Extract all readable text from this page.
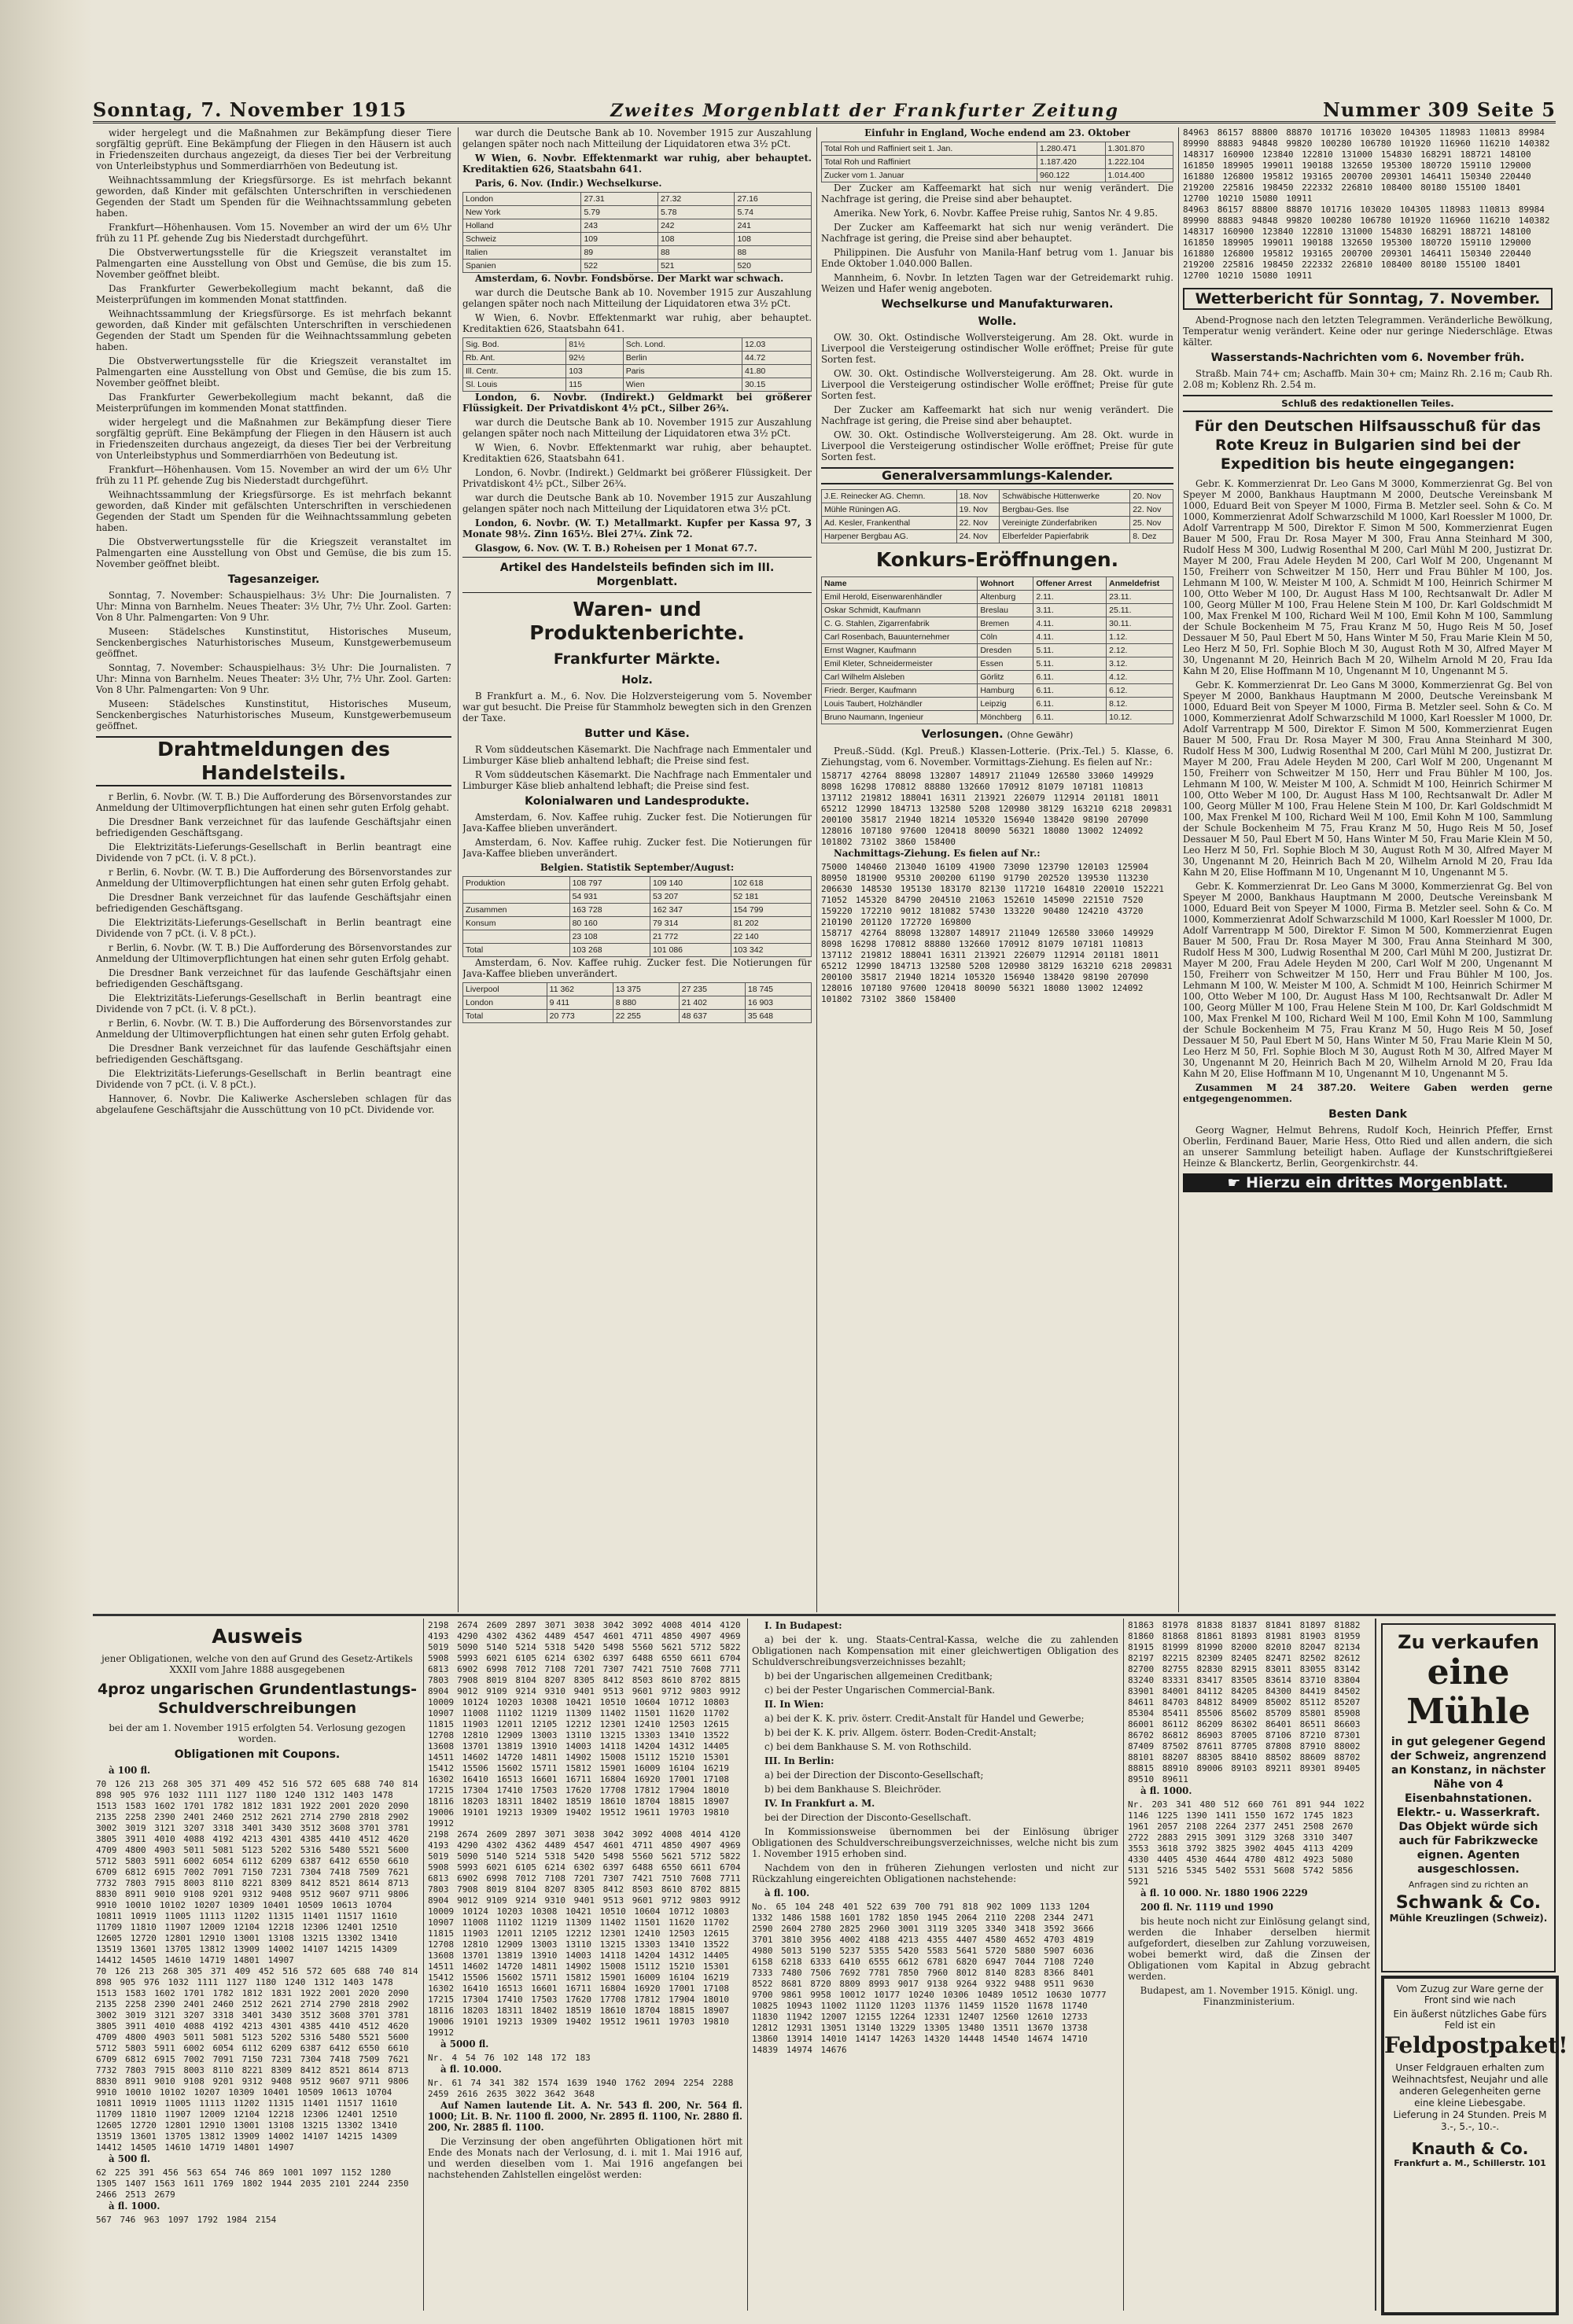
Sonntag, 7. November 1915	Zweites Morgenblatt der Frankfurter Zeitung	Nummer 309 Seite 5

wider hergelegt und die Maßnahmen zur Bekämpfung dieser Tiere sorgfältig geprüft. Eine Bekämpfung der Fliegen in den Häusern ist auch in Friedenszeiten durchaus angezeigt, da dieses Tier bei der Verbreitung von Unterleibstyphus und Sommerdiarrhöen von Bedeutung ist.

Weihnachtssammlung der Kriegsfürsorge. Es ist mehrfach bekannt geworden, daß Kinder mit gefälschten Unterschriften in verschiedenen Gegenden der Stadt um Spenden für die Weihnachtssammlung gebeten haben.

Frankfurt—Höhenhausen. Vom 15. November an wird der um 6½ Uhr früh zu 11 Pf. gehende Zug bis Niederstadt durchgeführt.

Die Obstverwertungsstelle für die Kriegszeit veranstaltet im Palmengarten eine Ausstellung von Obst und Gemüse, die bis zum 15. November geöffnet bleibt.

Das Frankfurter Gewerbekollegium macht bekannt, daß die Meisterprüfungen im kommenden Monat stattfinden.

Weihnachtssammlung der Kriegsfürsorge. Es ist mehrfach bekannt geworden, daß Kinder mit gefälschten Unterschriften in verschiedenen Gegenden der Stadt um Spenden für die Weihnachtssammlung gebeten haben.

Die Obstverwertungsstelle für die Kriegszeit veranstaltet im Palmengarten eine Ausstellung von Obst und Gemüse, die bis zum 15. November geöffnet bleibt.

Das Frankfurter Gewerbekollegium macht bekannt, daß die Meisterprüfungen im kommenden Monat stattfinden.

wider hergelegt und die Maßnahmen zur Bekämpfung dieser Tiere sorgfältig geprüft. Eine Bekämpfung der Fliegen in den Häusern ist auch in Friedenszeiten durchaus angezeigt, da dieses Tier bei der Verbreitung von Unterleibstyphus und Sommerdiarrhöen von Bedeutung ist.

Frankfurt—Höhenhausen. Vom 15. November an wird der um 6½ Uhr früh zu 11 Pf. gehende Zug bis Niederstadt durchgeführt.

Weihnachtssammlung der Kriegsfürsorge. Es ist mehrfach bekannt geworden, daß Kinder mit gefälschten Unterschriften in verschiedenen Gegenden der Stadt um Spenden für die Weihnachtssammlung gebeten haben.

Die Obstverwertungsstelle für die Kriegszeit veranstaltet im Palmengarten eine Ausstellung von Obst und Gemüse, die bis zum 15. November geöffnet bleibt.

Tagesanzeiger.

Sonntag, 7. November: Schauspielhaus: 3½ Uhr: Die Journalisten. 7 Uhr: Minna von Barnhelm. Neues Theater: 3½ Uhr, 7½ Uhr. Zool. Garten: Von 8 Uhr. Palmengarten: Von 9 Uhr.

Museen: Städelsches Kunstinstitut, Historisches Museum, Senckenbergisches Naturhistorisches Museum, Kunstgewerbemuseum geöffnet.

Sonntag, 7. November: Schauspielhaus: 3½ Uhr: Die Journalisten. 7 Uhr: Minna von Barnhelm. Neues Theater: 3½ Uhr, 7½ Uhr. Zool. Garten: Von 8 Uhr. Palmengarten: Von 9 Uhr.

Museen: Städelsches Kunstinstitut, Historisches Museum, Senckenbergisches Naturhistorisches Museum, Kunstgewerbemuseum geöffnet.

Drahtmeldungen des Handelsteils.

r Berlin, 6. Novbr. (W. T. B.) Die Aufforderung des Börsenvorstandes zur Anmeldung der Ultimoverpflichtungen hat einen sehr guten Erfolg gehabt.

Die Dresdner Bank verzeichnet für das laufende Geschäftsjahr einen befriedigenden Geschäftsgang.

Die Elektrizitäts-Lieferungs-Gesellschaft in Berlin beantragt eine Dividende von 7 pCt. (i. V. 8 pCt.).

r Berlin, 6. Novbr. (W. T. B.) Die Aufforderung des Börsenvorstandes zur Anmeldung der Ultimoverpflichtungen hat einen sehr guten Erfolg gehabt.

Die Dresdner Bank verzeichnet für das laufende Geschäftsjahr einen befriedigenden Geschäftsgang.

Die Elektrizitäts-Lieferungs-Gesellschaft in Berlin beantragt eine Dividende von 7 pCt. (i. V. 8 pCt.).

r Berlin, 6. Novbr. (W. T. B.) Die Aufforderung des Börsenvorstandes zur Anmeldung der Ultimoverpflichtungen hat einen sehr guten Erfolg gehabt.

Die Dresdner Bank verzeichnet für das laufende Geschäftsjahr einen befriedigenden Geschäftsgang.

Die Elektrizitäts-Lieferungs-Gesellschaft in Berlin beantragt eine Dividende von 7 pCt. (i. V. 8 pCt.).

r Berlin, 6. Novbr. (W. T. B.) Die Aufforderung des Börsenvorstandes zur Anmeldung der Ultimoverpflichtungen hat einen sehr guten Erfolg gehabt.

Die Dresdner Bank verzeichnet für das laufende Geschäftsjahr einen befriedigenden Geschäftsgang.

Die Elektrizitäts-Lieferungs-Gesellschaft in Berlin beantragt eine Dividende von 7 pCt. (i. V. 8 pCt.).

Hannover, 6. Novbr. Die Kaliwerke Aschersleben schlagen für das abgelaufene Geschäftsjahr die Ausschüttung von 10 pCt. Dividende vor.

war durch die Deutsche Bank ab 10. November 1915 zur Auszahlung gelangen später noch nach Mitteilung der Liquidatoren etwa 3½ pCt.

W Wien, 6. Novbr. Effektenmarkt war ruhig, aber behauptet. Kreditaktien 626, Staatsbahn 641.

Paris, 6. Nov. (Indir.) Wechselkurse.

London	27.31	27.32	27.16
New York	5.79	5.78	5.74
Holland	243	242	241
Schweiz	109	108	108
Italien	89	88	88
Spanien	522	521	520

Amsterdam, 6. Novbr. Fondsbörse. Der Markt war schwach.

war durch die Deutsche Bank ab 10. November 1915 zur Auszahlung gelangen später noch nach Mitteilung der Liquidatoren etwa 3½ pCt.

W Wien, 6. Novbr. Effektenmarkt war ruhig, aber behauptet. Kreditaktien 626, Staatsbahn 641.

Sig. Bod.	81½	Sch. Lond.	12.03
Rb. Ant.	92½	Berlin	44.72
Ill. Centr.	103	Paris	41.80
Sl. Louis	115	Wien	30.15

London, 6. Novbr. (Indirekt.) Geldmarkt bei größerer Flüssigkeit. Der Privatdiskont 4½ pCt., Silber 26¾.

war durch die Deutsche Bank ab 10. November 1915 zur Auszahlung gelangen später noch nach Mitteilung der Liquidatoren etwa 3½ pCt.

W Wien, 6. Novbr. Effektenmarkt war ruhig, aber behauptet. Kreditaktien 626, Staatsbahn 641.

London, 6. Novbr. (Indirekt.) Geldmarkt bei größerer Flüssigkeit. Der Privatdiskont 4½ pCt., Silber 26¾.

war durch die Deutsche Bank ab 10. November 1915 zur Auszahlung gelangen später noch nach Mitteilung der Liquidatoren etwa 3½ pCt.

London, 6. Novbr. (W. T.) Metallmarkt. Kupfer per Kassa 97, 3 Monate 98½. Zinn 165½. Blei 27¼. Zink 72.

Glasgow, 6. Nov. (W. T. B.) Roheisen per 1 Monat 67.7.

Artikel des Handelsteils befinden sich im III. Morgenblatt.
Waren- und Produktenberichte.
Frankfurter Märkte.
Holz.

B Frankfurt a. M., 6. Nov. Die Holzversteigerung vom 5. November war gut besucht. Die Preise für Stammholz bewegten sich in den Grenzen der Taxe.

Butter und Käse.

R Vom süddeutschen Käsemarkt. Die Nachfrage nach Emmentaler und Limburger Käse blieb anhaltend lebhaft; die Preise sind fest.

R Vom süddeutschen Käsemarkt. Die Nachfrage nach Emmentaler und Limburger Käse blieb anhaltend lebhaft; die Preise sind fest.

Kolonialwaren und Landesprodukte.

Amsterdam, 6. Nov. Kaffee ruhig. Zucker fest. Die Notierungen für Java-Kaffee blieben unverändert.

Amsterdam, 6. Nov. Kaffee ruhig. Zucker fest. Die Notierungen für Java-Kaffee blieben unverändert.

Belgien. Statistik September/August:

Produktion	108 797	109 140	102 618
	54 931	53 207	52 181
Zusammen	163 728	162 347	154 799
Konsum	80 160	79 314	81 202
	23 108	21 772	22 140
Total	103 268	101 086	103 342

Amsterdam, 6. Nov. Kaffee ruhig. Zucker fest. Die Notierungen für Java-Kaffee blieben unverändert.

Liverpool	11 362	13 375	27 235	18 745
London	9 411	8 880	21 402	16 903
Total	20 773	22 255	48 637	35 648

Einfuhr in England, Woche endend am 23. Oktober

Total Roh und Raffiniert seit 1. Jan.	1.280.471	1.301.870
Total Roh und Raffiniert	1.187.420	1.222.104
Zucker vom 1. Januar	960.122	1.014.400

Der Zucker am Kaffeemarkt hat sich nur wenig verändert. Die Nachfrage ist gering, die Preise sind aber behauptet.

Amerika. New York, 6. Novbr. Kaffee Preise ruhig, Santos Nr. 4 9.85.

Der Zucker am Kaffeemarkt hat sich nur wenig verändert. Die Nachfrage ist gering, die Preise sind aber behauptet.

Philippinen. Die Ausfuhr von Manila-Hanf betrug vom 1. Januar bis Ende Oktober 1.040.000 Ballen.

Mannheim, 6. Novbr. In letzten Tagen war der Getreidemarkt ruhig. Weizen und Hafer wenig angeboten.

Wechselkurse und Manufakturwaren.
Wolle.

OW. 30. Okt. Ostindische Wollversteigerung. Am 28. Okt. wurde in Liverpool die Versteigerung ostindischer Wolle eröffnet; Preise für gute Sorten fest.

OW. 30. Okt. Ostindische Wollversteigerung. Am 28. Okt. wurde in Liverpool die Versteigerung ostindischer Wolle eröffnet; Preise für gute Sorten fest.

Der Zucker am Kaffeemarkt hat sich nur wenig verändert. Die Nachfrage ist gering, die Preise sind aber behauptet.

OW. 30. Okt. Ostindische Wollversteigerung. Am 28. Okt. wurde in Liverpool die Versteigerung ostindischer Wolle eröffnet; Preise für gute Sorten fest.

Generalversammlungs-Kalender.
J.E. Reinecker AG. Chemn.	18. Nov	Schwäbische Hüttenwerke	20. Nov
Mühle Rüningen AG.	19. Nov	Bergbau-Ges. Ilse	22. Nov
Ad. Kesler, Frankenthal	22. Nov	Vereinigte Zünderfabriken	25. Nov
Harpener Bergbau AG.	24. Nov	Elberfelder Papierfabrik	8. Dez
Konkurs-Eröffnungen.
Name	Wohnort	Offener Arrest	Anmeldefrist
Emil Herold, Eisenwarenhändler	Altenburg	2.11.	23.11.
Oskar Schmidt, Kaufmann	Breslau	3.11.	25.11.
C. G. Stahlen, Zigarrenfabrik	Bremen	4.11.	30.11.
Carl Rosenbach, Bauunternehmer	Cöln	4.11.	1.12.
Ernst Wagner, Kaufmann	Dresden	5.11.	2.12.
Emil Kleter, Schneidermeister	Essen	5.11.	3.12.
Carl Wilhelm Alsleben	Görlitz	6.11.	4.12.
Friedr. Berger, Kaufmann	Hamburg	6.11.	6.12.
Louis Taubert, Holzhändler	Leipzig	6.11.	8.12.
Bruno Naumann, Ingenieur	Mönchberg	6.11.	10.12.
Verlosungen. (Ohne Gewähr)

Preuß.-Südd. (Kgl. Preuß.) Klassen-Lotterie. (Prix.-Tel.) 5. Klasse, 6. Ziehungstag, vom 6. November. Vormittags-Ziehung. Es fielen auf Nr.:

158717 42764 88098 132807 148917 211049 126580 33060 149929 8098 16298 170812 88880 132660 170912 81079 107181 110813 137112 219812 188041 16311 213921 226079 112914 201181 18011 65212 12990 184713 132580 5208 120980 38129 163210 6218 209831 200100 35817 21940 18214 105320 156940 138420 98190 207090 128016 107180 97600 120418 80090 56321 18080 13002 124092 101802 73102 3860 158400

Nachmittags-Ziehung. Es fielen auf Nr.:

75000 140460 213040 16109 41900 73090 123790 120103 125904 80950 181900 95310 200200 61190 91790 202520 139530 113230 206630 148530 195130 183170 82130 117210 164810 220010 152221 71052 145320 84790 204510 21063 152610 145090 221510 7520 159220 172210 9012 181082 57430 133220 90480 124210 43720 210190 201120 172720 169800
158717 42764 88098 132807 148917 211049 126580 33060 149929 8098 16298 170812 88880 132660 170912 81079 107181 110813 137112 219812 188041 16311 213921 226079 112914 201181 18011 65212 12990 184713 132580 5208 120980 38129 163210 6218 209831 200100 35817 21940 18214 105320 156940 138420 98190 207090 128016 107180 97600 120418 80090 56321 18080 13002 124092 101802 73102 3860 158400
84963 86157 88800 88870 101716 103020 104305 118983 110813 89984 89990 88883 94848 99820 100280 106780 101920 116960 116210 140382 148317 160900 123840 122810 131000 154830 168291 188721 148100 161850 189905 199011 190188 132650 195300 180720 159110 129000 161880 126800 195812 193165 200700 209301 146411 150340 220440 219200 225816 198450 222332 226810 108400 80180 155100 18401 12700 10210 15080 10911
84963 86157 88800 88870 101716 103020 104305 118983 110813 89984 89990 88883 94848 99820 100280 106780 101920 116960 116210 140382 148317 160900 123840 122810 131000 154830 168291 188721 148100 161850 189905 199011 190188 132650 195300 180720 159110 129000 161880 126800 195812 193165 200700 209301 146411 150340 220440 219200 225816 198450 222332 226810 108400 80180 155100 18401 12700 10210 15080 10911
Wetterbericht für Sonntag, 7. November.

Abend-Prognose nach den letzten Telegrammen. Veränderliche Bewölkung, Temperatur wenig verändert. Keine oder nur geringe Niederschläge. Etwas kälter.

Wasserstands-Nachrichten vom 6. November früh.

Straßb. Main 74+ cm; Aschaffb. Main 30+ cm; Mainz Rh. 2.16 m; Caub Rh. 2.08 m; Koblenz Rh. 2.54 m.

Schluß des redaktionellen Teiles.
Für den Deutschen Hilfsausschuß für das Rote Kreuz in Bulgarien sind bei der Expedition bis heute eingegangen:

Gebr. K. Kommerzienrat Dr. Leo Gans M 3000, Kommerzienrat Gg. Bel von Speyer M 2000, Bankhaus Hauptmann M 2000, Deutsche Vereinsbank M 1000, Eduard Beit von Speyer M 1000, Firma B. Metzler seel. Sohn & Co. M 1000, Kommerzienrat Adolf Schwarzschild M 1000, Karl Roessler M 1000, Dr. Adolf Varrentrapp M 500, Direktor F. Simon M 500, Kommerzienrat Eugen Bauer M 500, Frau Dr. Rosa Mayer M 300, Frau Anna Steinhard M 300, Rudolf Hess M 300, Ludwig Rosenthal M 200, Carl Mühl M 200, Justizrat Dr. Mayer M 200, Frau Adele Heyden M 200, Carl Wolf M 200, Ungenannt M 150, Freiherr von Schweitzer M 150, Herr und Frau Bühler M 100, Jos. Lehmann M 100, W. Meister M 100, A. Schmidt M 100, Heinrich Schirmer M 100, Otto Weber M 100, Dr. August Hass M 100, Rechtsanwalt Dr. Adler M 100, Georg Müller M 100, Frau Helene Stein M 100, Dr. Karl Goldschmidt M 100, Max Frenkel M 100, Richard Weil M 100, Emil Kohn M 100, Sammlung der Schule Bockenheim M 75, Frau Kranz M 50, Hugo Reis M 50, Josef Dessauer M 50, Paul Ebert M 50, Hans Winter M 50, Frau Marie Klein M 50, Leo Herz M 50, Frl. Sophie Bloch M 30, August Roth M 30, Alfred Mayer M 30, Ungenannt M 20, Heinrich Bach M 20, Wilhelm Arnold M 20, Frau Ida Kahn M 20, Elise Hoffmann M 10, Ungenannt M 10, Ungenannt M 5.

Gebr. K. Kommerzienrat Dr. Leo Gans M 3000, Kommerzienrat Gg. Bel von Speyer M 2000, Bankhaus Hauptmann M 2000, Deutsche Vereinsbank M 1000, Eduard Beit von Speyer M 1000, Firma B. Metzler seel. Sohn & Co. M 1000, Kommerzienrat Adolf Schwarzschild M 1000, Karl Roessler M 1000, Dr. Adolf Varrentrapp M 500, Direktor F. Simon M 500, Kommerzienrat Eugen Bauer M 500, Frau Dr. Rosa Mayer M 300, Frau Anna Steinhard M 300, Rudolf Hess M 300, Ludwig Rosenthal M 200, Carl Mühl M 200, Justizrat Dr. Mayer M 200, Frau Adele Heyden M 200, Carl Wolf M 200, Ungenannt M 150, Freiherr von Schweitzer M 150, Herr und Frau Bühler M 100, Jos. Lehmann M 100, W. Meister M 100, A. Schmidt M 100, Heinrich Schirmer M 100, Otto Weber M 100, Dr. August Hass M 100, Rechtsanwalt Dr. Adler M 100, Georg Müller M 100, Frau Helene Stein M 100, Dr. Karl Goldschmidt M 100, Max Frenkel M 100, Richard Weil M 100, Emil Kohn M 100, Sammlung der Schule Bockenheim M 75, Frau Kranz M 50, Hugo Reis M 50, Josef Dessauer M 50, Paul Ebert M 50, Hans Winter M 50, Frau Marie Klein M 50, Leo Herz M 50, Frl. Sophie Bloch M 30, August Roth M 30, Alfred Mayer M 30, Ungenannt M 20, Heinrich Bach M 20, Wilhelm Arnold M 20, Frau Ida Kahn M 20, Elise Hoffmann M 10, Ungenannt M 10, Ungenannt M 5.

Gebr. K. Kommerzienrat Dr. Leo Gans M 3000, Kommerzienrat Gg. Bel von Speyer M 2000, Bankhaus Hauptmann M 2000, Deutsche Vereinsbank M 1000, Eduard Beit von Speyer M 1000, Firma B. Metzler seel. Sohn & Co. M 1000, Kommerzienrat Adolf Schwarzschild M 1000, Karl Roessler M 1000, Dr. Adolf Varrentrapp M 500, Direktor F. Simon M 500, Kommerzienrat Eugen Bauer M 500, Frau Dr. Rosa Mayer M 300, Frau Anna Steinhard M 300, Rudolf Hess M 300, Ludwig Rosenthal M 200, Carl Mühl M 200, Justizrat Dr. Mayer M 200, Frau Adele Heyden M 200, Carl Wolf M 200, Ungenannt M 150, Freiherr von Schweitzer M 150, Herr und Frau Bühler M 100, Jos. Lehmann M 100, W. Meister M 100, A. Schmidt M 100, Heinrich Schirmer M 100, Otto Weber M 100, Dr. August Hass M 100, Rechtsanwalt Dr. Adler M 100, Georg Müller M 100, Frau Helene Stein M 100, Dr. Karl Goldschmidt M 100, Max Frenkel M 100, Richard Weil M 100, Emil Kohn M 100, Sammlung der Schule Bockenheim M 75, Frau Kranz M 50, Hugo Reis M 50, Josef Dessauer M 50, Paul Ebert M 50, Hans Winter M 50, Frau Marie Klein M 50, Leo Herz M 50, Frl. Sophie Bloch M 30, August Roth M 30, Alfred Mayer M 30, Ungenannt M 20, Heinrich Bach M 20, Wilhelm Arnold M 20, Frau Ida Kahn M 20, Elise Hoffmann M 10, Ungenannt M 10, Ungenannt M 5.

Zusammen M 24 387.20. Weitere Gaben werden gerne entgegengenommen.

Besten Dank

Georg Wagner, Helmut Behrens, Rudolf Koch, Heinrich Pfeffer, Ernst Oberlin, Ferdinand Bauer, Marie Hess, Otto Ried und allen andern, die sich an unserer Sammlung beteiligt haben. Auflage der Kunstschriftgießerei Heinze & Blanckertz, Berlin, Georgenkirchstr. 44.

☛ Hierzu ein drittes Morgenblatt.
Ausweis

jener Obligationen, welche von den auf Grund des Gesetz-Artikels XXXII vom Jahre 1888 ausgegebenen

4proz ungarischen Grundentlastungs-Schuldverschreibungen

bei der am 1. November 1915 erfolgten 54. Verlosung gezogen worden.

Obligationen mit Coupons.

à 100 fl.

70 126 213 268 305 371 409 452 516 572 605 688 740 814 898 905 976 1032 1111 1127 1180 1240 1312 1403 1478 1513 1583 1602 1701 1782 1812 1831 1922 2001 2020 2090 2135 2258 2390 2401 2460 2512 2621 2714 2790 2818 2902 3002 3019 3121 3207 3318 3401 3430 3512 3608 3701 3781 3805 3911 4010 4088 4192 4213 4301 4385 4410 4512 4620 4709 4800 4903 5011 5081 5123 5202 5316 5480 5521 5600 5712 5803 5911 6002 6054 6112 6209 6387 6412 6550 6610 6709 6812 6915 7002 7091 7150 7231 7304 7418 7509 7621 7732 7803 7915 8003 8110 8221 8309 8412 8521 8614 8713 8830 8911 9010 9108 9201 9312 9408 9512 9607 9711 9806 9910 10010 10102 10207 10309 10401 10509 10613 10704 10811 10919 11005 11113 11202 11315 11401 11517 11610 11709 11810 11907 12009 12104 12218 12306 12401 12510 12605 12720 12801 12910 13001 13108 13215 13302 13410 13519 13601 13705 13812 13909 14002 14107 14215 14309 14412 14505 14610 14719 14801 14907
70 126 213 268 305 371 409 452 516 572 605 688 740 814 898 905 976 1032 1111 1127 1180 1240 1312 1403 1478 1513 1583 1602 1701 1782 1812 1831 1922 2001 2020 2090 2135 2258 2390 2401 2460 2512 2621 2714 2790 2818 2902 3002 3019 3121 3207 3318 3401 3430 3512 3608 3701 3781 3805 3911 4010 4088 4192 4213 4301 4385 4410 4512 4620 4709 4800 4903 5011 5081 5123 5202 5316 5480 5521 5600 5712 5803 5911 6002 6054 6112 6209 6387 6412 6550 6610 6709 6812 6915 7002 7091 7150 7231 7304 7418 7509 7621 7732 7803 7915 8003 8110 8221 8309 8412 8521 8614 8713 8830 8911 9010 9108 9201 9312 9408 9512 9607 9711 9806 9910 10010 10102 10207 10309 10401 10509 10613 10704 10811 10919 11005 11113 11202 11315 11401 11517 11610 11709 11810 11907 12009 12104 12218 12306 12401 12510 12605 12720 12801 12910 13001 13108 13215 13302 13410 13519 13601 13705 13812 13909 14002 14107 14215 14309 14412 14505 14610 14719 14801 14907

à 500 fl.

62 225 391 456 563 654 746 869 1001 1097 1152 1280 1305 1407 1563 1611 1769 1802 1944 2035 2101 2244 2350 2466 2513 2679

à fl. 1000.

567 746 963 1097 1792 1984 2154
2198 2674 2609 2897 3071 3038 3042 3092 4008 4014 4120 4193 4290 4302 4362 4489 4547 4601 4711 4850 4907 4969 5019 5090 5140 5214 5318 5420 5498 5560 5621 5712 5822 5908 5993 6021 6105 6214 6302 6397 6488 6550 6611 6704 6813 6902 6998 7012 7108 7201 7307 7421 7510 7608 7711 7803 7908 8019 8104 8207 8305 8412 8503 8610 8702 8815 8904 9012 9109 9214 9310 9401 9513 9601 9712 9803 9912 10009 10124 10203 10308 10421 10510 10604 10712 10803 10907 11008 11102 11219 11309 11402 11501 11620 11702 11815 11903 12011 12105 12212 12301 12410 12503 12615 12708 12810 12909 13003 13110 13215 13303 13410 13522 13608 13701 13819 13910 14003 14118 14204 14312 14405 14511 14602 14720 14811 14902 15008 15112 15210 15301 15412 15506 15602 15711 15812 15901 16009 16104 16219 16302 16410 16513 16601 16711 16804 16920 17001 17108 17215 17304 17410 17503 17620 17708 17812 17904 18010 18116 18203 18311 18402 18519 18610 18704 18815 18907 19006 19101 19213 19309 19402 19512 19611 19703 19810 19912
2198 2674 2609 2897 3071 3038 3042 3092 4008 4014 4120 4193 4290 4302 4362 4489 4547 4601 4711 4850 4907 4969 5019 5090 5140 5214 5318 5420 5498 5560 5621 5712 5822 5908 5993 6021 6105 6214 6302 6397 6488 6550 6611 6704 6813 6902 6998 7012 7108 7201 7307 7421 7510 7608 7711 7803 7908 8019 8104 8207 8305 8412 8503 8610 8702 8815 8904 9012 9109 9214 9310 9401 9513 9601 9712 9803 9912 10009 10124 10203 10308 10421 10510 10604 10712 10803 10907 11008 11102 11219 11309 11402 11501 11620 11702 11815 11903 12011 12105 12212 12301 12410 12503 12615 12708 12810 12909 13003 13110 13215 13303 13410 13522 13608 13701 13819 13910 14003 14118 14204 14312 14405 14511 14602 14720 14811 14902 15008 15112 15210 15301 15412 15506 15602 15711 15812 15901 16009 16104 16219 16302 16410 16513 16601 16711 16804 16920 17001 17108 17215 17304 17410 17503 17620 17708 17812 17904 18010 18116 18203 18311 18402 18519 18610 18704 18815 18907 19006 19101 19213 19309 19402 19512 19611 19703 19810 19912

à 5000 fl.

Nr. 4 54 76 102 148 172 183

à fl. 10.000.

Nr. 61 74 341 382 1574 1639 1940 1762 2094 2254 2288 2459 2616 2635 3022 3642 3648

Auf Namen lautende Lit. A. Nr. 543 fl. 200, Nr. 564 fl. 1000; Lit. B. Nr. 1100 fl. 2000, Nr. 2895 fl. 1100, Nr. 2880 fl. 200, Nr. 2885 fl. 1100.

Die Verzinsung der oben angeführten Obligationen hört mit Ende des Monats nach der Verlosung, d. i. mit 1. Mai 1916 auf, und werden dieselben vom 1. Mai 1916 angefangen bei nachstehenden Zahlstellen eingelöst werden:

I. In Budapest:

a) bei der k. ung. Staats-Central-Kassa, welche die zu zahlenden Obligationen nach Kompensation mit einer gleichwertigen Obligation des Schuldverschreibungsverzeichnisses bezahlt;

b) bei der Ungarischen allgemeinen Creditbank;

c) bei der Pester Ungarischen Commercial-Bank.

II. In Wien:

a) bei der K. K. priv. österr. Credit-Anstalt für Handel und Gewerbe;

b) bei der K. K. priv. Allgem. österr. Boden-Credit-Anstalt;

c) bei dem Bankhause S. M. von Rothschild.

III. In Berlin:

a) bei der Direction der Disconto-Gesellschaft;

b) bei dem Bankhause S. Bleichröder.

IV. In Frankfurt a. M.

bei der Direction der Disconto-Gesellschaft.

In Kommissionsweise übernommen bei der Einlösung übriger Obligationen des Schuldverschreibungsverzeichnisses, welche nicht bis zum 1. November 1915 erhoben sind.

Nachdem von den in früheren Ziehungen verlosten und nicht zur Rückzahlung eingereichten Obligationen nachstehende:

à fl. 100.

No. 65 104 248 401 522 639 700 791 818 902 1009 1133 1204 1332 1486 1588 1601 1782 1850 1945 2064 2110 2208 2344 2471 2590 2604 2780 2825 2960 3001 3119 3205 3340 3418 3592 3666 3701 3810 3956 4002 4188 4213 4355 4407 4580 4652 4703 4819 4980 5013 5190 5237 5355 5420 5583 5641 5720 5880 5907 6036 6158 6218 6333 6410 6555 6612 6781 6820 6947 7044 7108 7240 7333 7480 7506 7692 7781 7850 7960 8012 8140 8283 8366 8401 8522 8681 8720 8809 8993 9017 9138 9264 9322 9488 9511 9630 9700 9861 9958 10012 10177 10240 10306 10489 10512 10630 10777 10825 10943 11002 11120 11203 11376 11459 11520 11678 11740 11830 11942 12007 12155 12264 12331 12407 12560 12610 12733 12812 12931 13051 13140 13229 13305 13480 13511 13670 13738 13860 13914 14010 14147 14263 14320 14448 14540 14674 14710 14839 14974 14676
81863 81978 81838 81837 81841 81897 81882 81860 81868 81861 81893 81981 81903 81959 81915 81999 81990 82000 82010 82047 82134 82197 82215 82309 82405 82471 82502 82612 82700 82755 82830 82915 83011 83055 83142 83240 83331 83417 83505 83614 83710 83804 83901 84001 84112 84205 84300 84419 84502 84611 84703 84812 84909 85002 85112 85207 85304 85411 85506 85602 85709 85801 85908 86001 86112 86209 86302 86401 86511 86603 86702 86812 86903 87005 87106 87210 87301 87409 87502 87611 87705 87808 87910 88002 88101 88207 88305 88410 88502 88609 88702 88815 88910 89006 89103 89211 89301 89405 89510 89611

à fl. 1000.

Nr. 203 341 480 512 660 761 891 944 1022 1146 1225 1390 1411 1550 1672 1745 1823 1961 2057 2108 2264 2377 2451 2508 2670 2722 2883 2915 3091 3129 3268 3310 3407 3553 3618 3792 3825 3902 4045 4113 4209 4330 4405 4530 4644 4780 4812 4923 5080 5131 5216 5345 5402 5531 5608 5742 5856 5921

à fl. 10 000. Nr. 1880 1906 2229

200 fl. Nr. 1119 und 1990

bis heute noch nicht zur Einlösung gelangt sind, werden die Inhaber derselben hiermit aufgefordert, dieselben zur Zahlung vorzuweisen, wobei bemerkt wird, daß die Zinsen der Obligationen vom Kapital in Abzug gebracht werden.

Budapest, am 1. November 1915. Königl. ung. Finanzministerium.

Zu verkaufen
eine Mühle
in gut gelegener Gegend der Schweiz, angrenzend an Konstanz, in nächster Nähe von 4 Eisenbahnstationen. Elektr.- u. Wasserkraft. Das Objekt würde sich auch für Fabrikzwecke eignen. Agenten ausgeschlossen.
Anfragen sind zu richten an
Schwank & Co.
Mühle Kreuzlingen (Schweiz).
Vom Zuzug zur Ware gerne der Front sind wie nach
Ein äußerst nützliches Gabe fürs Feld ist ein
Feldpostpaket!
Unser Feldgrauen erhalten zum Weihnachtsfest, Neujahr und alle anderen Gelegenheiten gerne eine kleine Liebesgabe. Lieferung in 24 Stunden. Preis M 3.-, 5.-, 10.-.
Knauth & Co.
Frankfurt a. M., Schillerstr. 101
